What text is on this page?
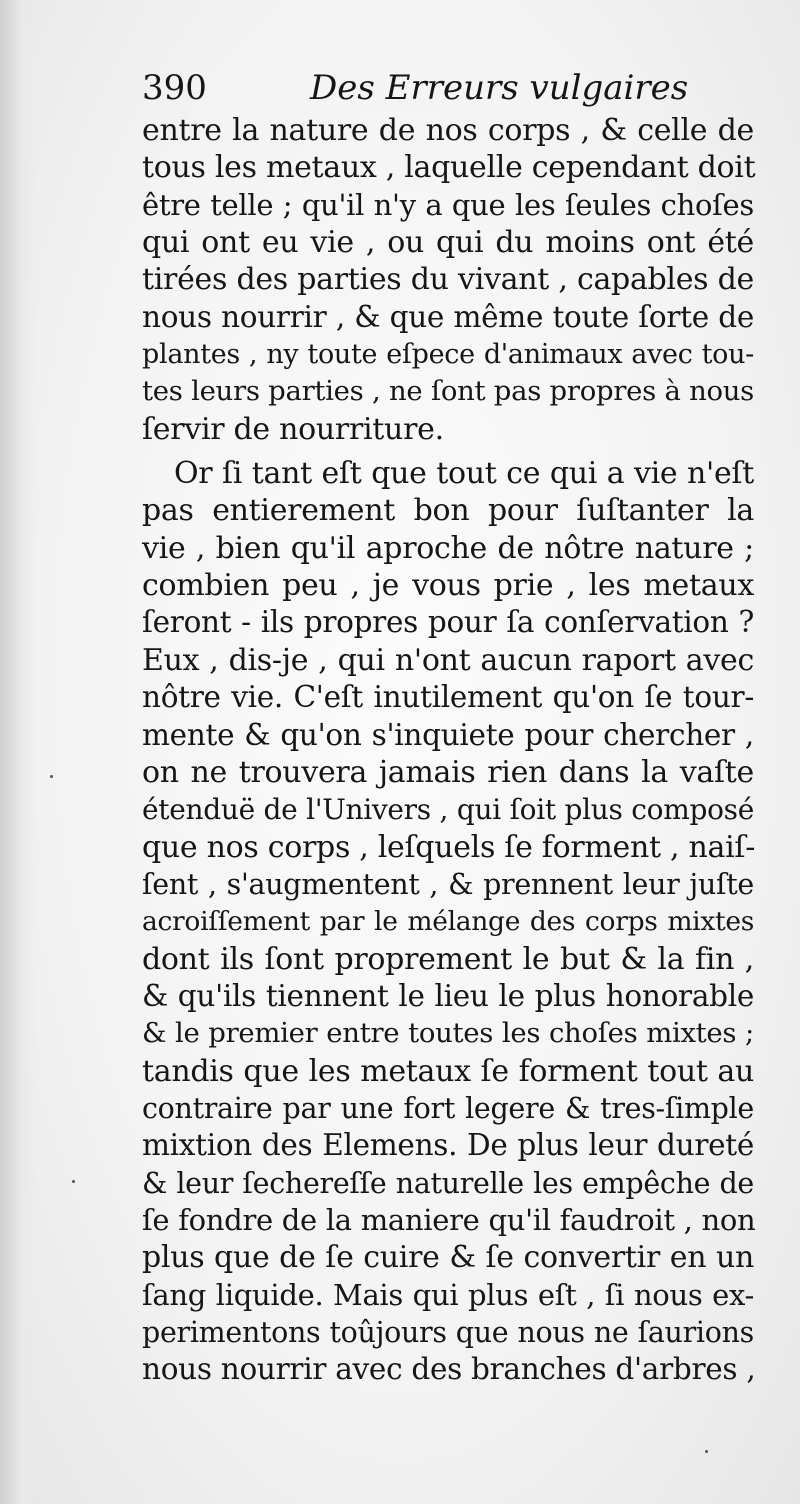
390	Des Erreurs vulgaires
entre la nature de nos corps , & celle de
tous les metaux , laquelle cependant doit
être telle ; qu'il n'y a que les ſeules choſes
qui ont eu vie , ou qui du moins ont été
tirées des parties du vivant , capables de
nous nourrir , & que même toute ſorte de
plantes , ny toute eſpece d'animaux avec tou-
tes leurs parties , ne ſont pas propres à nous
ſervir de nourriture.
Or ſi tant eſt que tout ce qui a vie n'eſt
pas entierement bon pour ſuſtanter la
vie , bien qu'il aproche de nôtre nature ;
combien peu , je vous prie , les metaux
ſeront - ils propres pour ſa conſervation ?
Eux , dis-je , qui n'ont aucun raport avec
nôtre vie. C'eſt inutilement qu'on ſe tour-
mente & qu'on s'inquiete pour chercher ,
on ne trouvera jamais rien dans la vaſte
étenduë de l'Univers , qui ſoit plus composé
que nos corps , leſquels ſe forment , naiſ-
ſent , s'augmentent , & prennent leur juſte
acroiſſement par le mélange des corps mixtes
dont ils ſont proprement le but & la fin ,
& qu'ils tiennent le lieu le plus honorable
& le premier entre toutes les choſes mixtes ;
tandis que les metaux ſe forment tout au
contraire par une fort legere & tres-ſimple
mixtion des Elemens. De plus leur dureté
& leur ſechereſſe naturelle les empêche de
ſe fondre de la maniere qu'il faudroit , non
plus que de ſe cuire & ſe convertir en un
ſang liquide. Mais qui plus eſt , ſi nous ex-
perimentons toûjours que nous ne ſaurions
nous nourrir avec des branches d'arbres ,
